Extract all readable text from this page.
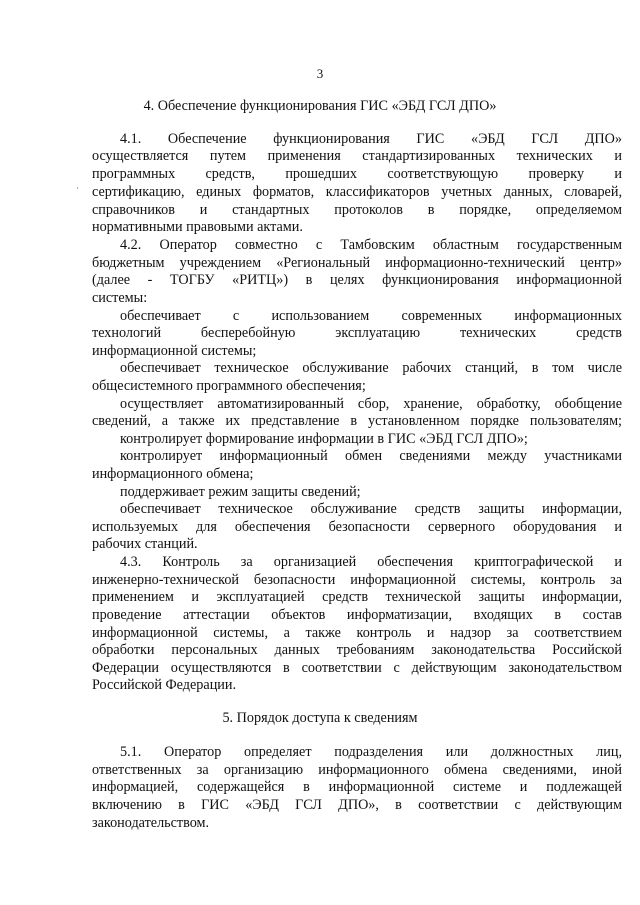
3
·
4. Обеспечение функционирования ГИС «ЭБД ГСЛ ДПО»
4.1. Обеспечение функционирования ГИС «ЭБД ГСЛ ДПО»
осуществляется путем применения стандартизированных технических и
программных средств, прошедших соответствующую проверку и
сертификацию, единых форматов, классификаторов учетных данных, словарей,
справочников и стандартных протоколов в порядке, определяемом
нормативными правовыми актами.
4.2. Оператор совместно с Тамбовским областным государственным
бюджетным учреждением «Региональный информационно-технический центр»
(далее - ТОГБУ «РИТЦ») в целях функционирования информационной
системы:
обеспечивает с использованием современных информационных
технологий бесперебойную эксплуатацию технических средств
информационной системы;
обеспечивает техническое обслуживание рабочих станций, в том числе
общесистемного программного обеспечения;
осуществляет автоматизированный сбор, хранение, обработку, обобщение
сведений, а также их представление в установленном порядке пользователям;
контролирует формирование информации в ГИС «ЭБД ГСЛ ДПО»;
контролирует информационный обмен сведениями между участниками
информационного обмена;
поддерживает режим защиты сведений;
обеспечивает техническое обслуживание средств защиты информации,
используемых для обеспечения безопасности серверного оборудования и
рабочих станций.
4.3. Контроль за организацией обеспечения криптографической и
инженерно-технической безопасности информационной системы, контроль за
применением и эксплуатацией средств технической защиты информации,
проведение аттестации объектов информатизации, входящих в состав
информационной системы, а также контроль и надзор за соответствием
обработки персональных данных требованиям законодательства Российской
Федерации осуществляются в соответствии с действующим законодательством
Российской Федерации.
5. Порядок доступа к сведениям
5.1. Оператор определяет подразделения или должностных лиц,
ответственных за организацию информационного обмена сведениями, иной
информацией, содержащейся в информационной системе и подлежащей
включению в ГИС «ЭБД ГСЛ ДПО», в соответствии с действующим
законодательством.
